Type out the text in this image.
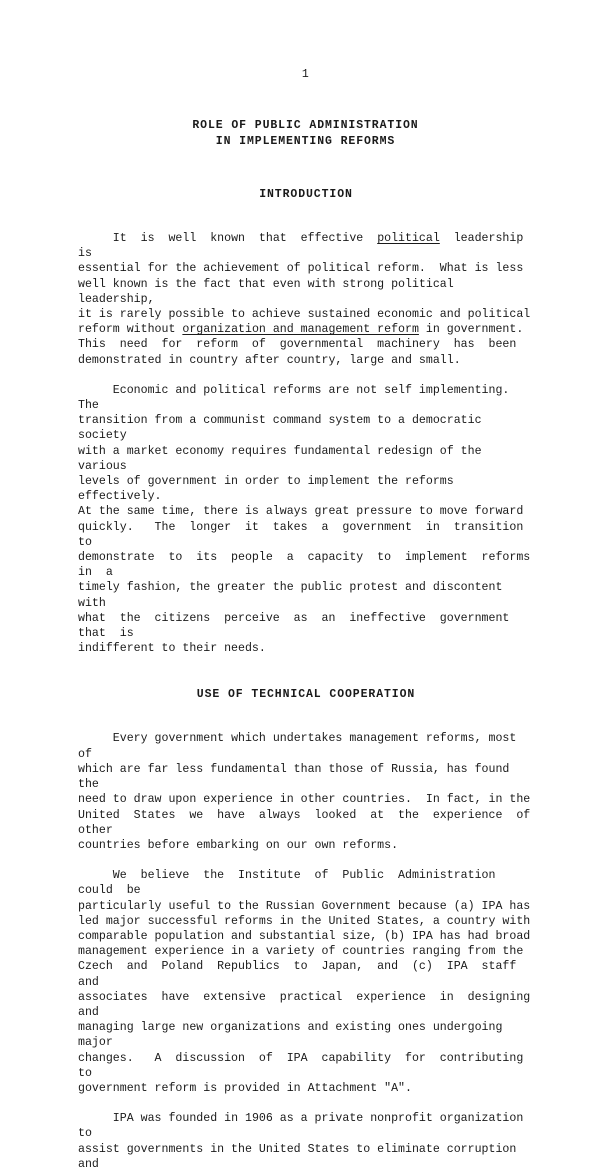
1
ROLE OF PUBLIC ADMINISTRATION
IN IMPLEMENTING REFORMS
INTRODUCTION

It  is  well  known  that  effective  political  leadership  is
essential for the achievement of political reform.  What is less
well known is the fact that even with strong political leadership,
it is rarely possible to achieve sustained economic and political
reform without organization and management reform in government.
This  need  for  reform  of  governmental  machinery  has  been
demonstrated in country after country, large and small.

Economic and political reforms are not self implementing.  The
transition from a communist command system to a democratic society
with a market economy requires fundamental redesign of the various
levels of government in order to implement the reforms effectively.
At the same time, there is always great pressure to move forward
quickly.   The  longer  it  takes  a  government  in  transition  to
demonstrate  to  its  people  a  capacity  to  implement  reforms  in  a
timely fashion, the greater the public protest and discontent with
what  the  citizens  perceive  as  an  ineffective  government  that  is
indifferent to their needs.

USE OF TECHNICAL COOPERATION

Every government which undertakes management reforms, most of
which are far less fundamental than those of Russia, has found the
need to draw upon experience in other countries.  In fact, in the
United  States  we  have  always  looked  at  the  experience  of  other
countries before embarking on our own reforms.

We  believe  the  Institute  of  Public  Administration  could  be
particularly useful to the Russian Government because (a) IPA has
led major successful reforms in the United States, a country with
comparable population and substantial size, (b) IPA has had broad
management experience in a variety of countries ranging from the
Czech  and  Poland  Republics  to  Japan,  and  (c)  IPA  staff  and
associates  have  extensive  practical  experience  in  designing  and
managing large new organizations and existing ones undergoing major
changes.   A  discussion  of  IPA  capability  for  contributing  to
government reform is provided in Attachment "A".

IPA was founded in 1906 as a private nonprofit organization to
assist governments in the United States to eliminate corruption and
